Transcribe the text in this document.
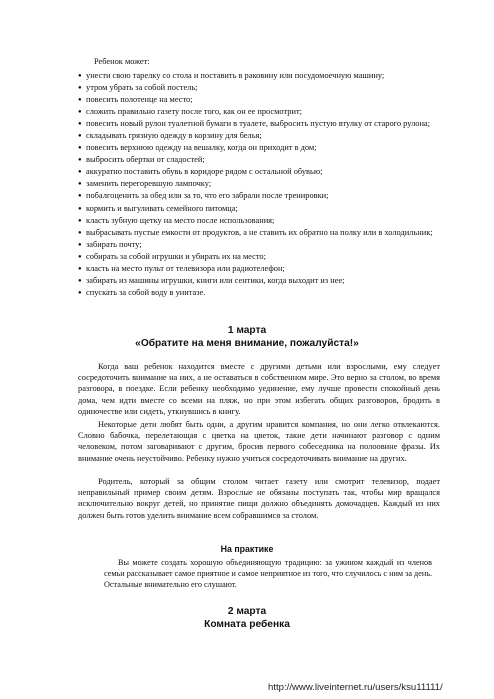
Ребенок может:
● унести свою тарелку со стола и поставить в раковину или посудомоечную машину;
● утром убрать за собой постель;
● повесить полотенце на место;
● сложить правильно газету после того, как он ее просмотрит;
● повесить новый рулон туалетной бумаги в туалете, выбросить пустую втулку от старого рулона;
● складывать грязную одежду в корзину для белья;
● повесить верхнюю одежду на вешалку, когда он приходит в дом;
● выбросить обертки от сладостей;
● аккуратно поставить обувь в коридоре рядом с остальной обувью;
● заменить перегоревшую лампочку;
● побалгоценить за обед или за то, что его забрали после тренировки;
● кормить и выгуливать семейного питомца;
● класть зубную щетку на место после использования;
● выбрасывать пустые емкости от продуктов, а не ставить их обратно на полку или в холодильник;
● забирать почту;
● собирать за собой игрушки и убирать их на место;
● класть на место пульт от телевизора или радиотелефон;
● забирать из машины игрушки, книги или сентики, когда выходит из нее;
● спускать за собой воду в унитазе.
1 марта
«Обратите на меня внимание, пожалуйста!»

Когда ваш ребенок находится вместе с другими детьми или взрослыми, ему следует сосредоточить внимание на них, а не оставаться в собственном мире. Это верно за столом, во время разговора, в поездке. Если ребенку необходимо уединение, ему лучше провести спокойный день дома, чем идти вместе со всеми на пляж, но при этом избегать общих разговоров, бродить в одиночестве или сидеть, уткнувшись в книгу.

Некоторые дети любят быть одни, а другим нравится компания, но они легко отвлекаются. Словно бабочка, перелетающая с цветка на цветок, такие дети начинают разговор с одним человеком, потом заговаривают с другим, бросив первого собеседника на полоовине фразы. Их внимание очень неустойчиво. Ребенку нужно учиться сосредоточивать внимание на других.

Родитель, который за общим столом читает газету или смотрит телевизор, подает неправильный пример своим детям. Взрослые не обязаны поступать так, чтобы мир вращался исключительно вокруг детей, но принятие пищи должно объединять домочадцев. Каждый из них должен быть готов уделить внимание всем собравшимся за столом.

На практике

Вы можете создать хорошую объединяющую традицию: за ужином каждый из членов семьи рассказывает самое приятное и самое неприятное из того, что случилось с ним за день. Остальные внимательно его слушают.

2 марта
Комната ребенка
http://www.liveinternet.ru/users/ksu11111/
